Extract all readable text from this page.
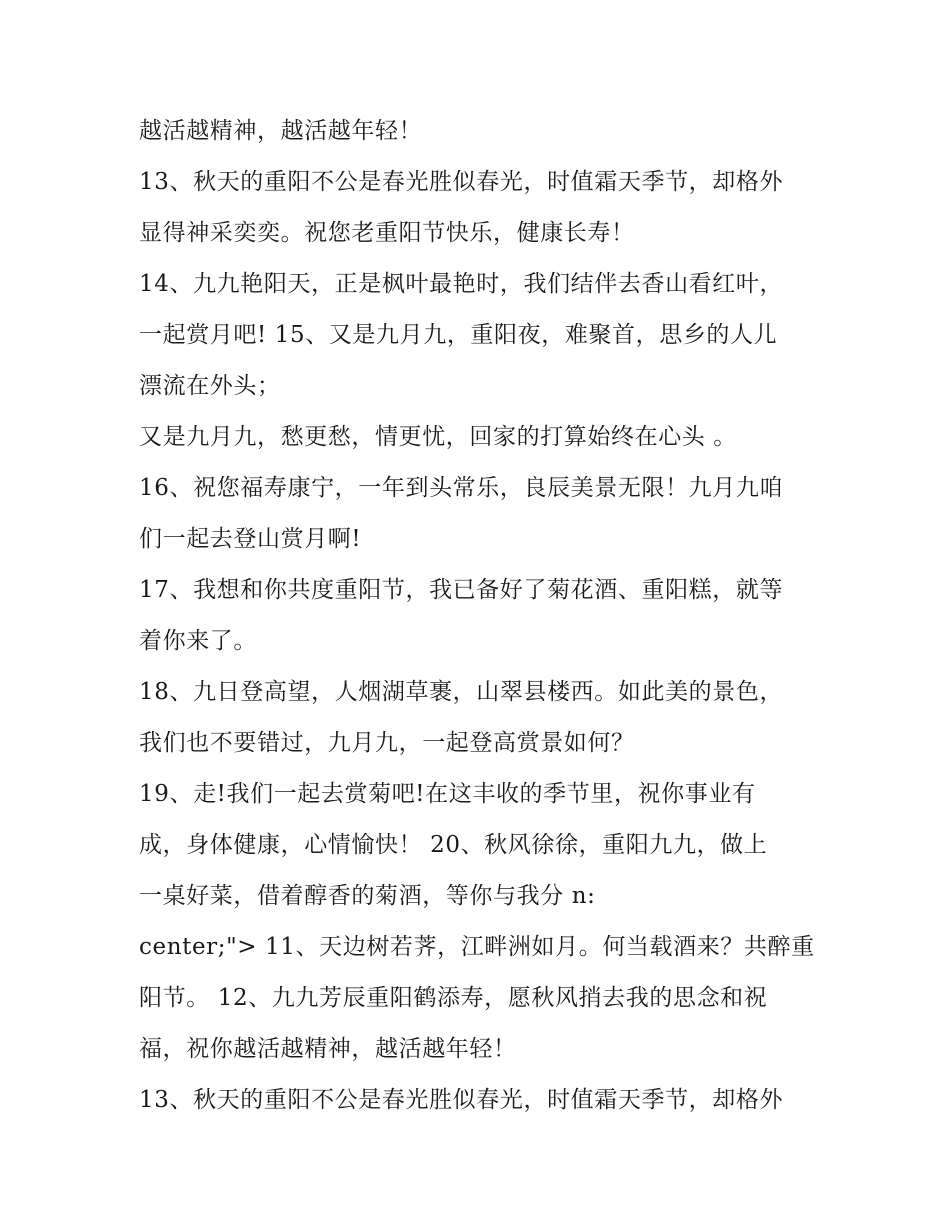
越活越精神，越活越年轻！
13、秋天的重阳不公是春光胜似春光，时值霜天季节，却格外
显得神采奕奕。祝您老重阳节快乐，健康长寿！
14、九九艳阳天，正是枫叶最艳时，我们结伴去香山看红叶，
一起赏月吧! 15、又是九月九，重阳夜，难聚首，思乡的人儿
漂流在外头；
又是九月九，愁更愁，情更忧，回家的打算始终在心头 。
16、祝您福寿康宁，一年到头常乐，良辰美景无限！九月九咱
们一起去登山赏月啊!
17、我想和你共度重阳节，我已备好了菊花酒、重阳糕，就等
着你来了。
18、九日登高望，人烟湖草裹，山翠县楼西。如此美的景色，
我们也不要错过，九月九，一起登高赏景如何？
19、走!我们一起去赏菊吧!在这丰收的季节里，祝你事业有
成，身体健康，心情愉快！ 20、秋风徐徐，重阳九九，做上
一桌好菜，借着醇香的菊酒，等你与我分 n:
center;"> 11、天边树若荠，江畔洲如月。何当载酒来？共醉重
阳节。 12、九九芳辰重阳鹤添寿，愿秋风捎去我的思念和祝
福，祝你越活越精神，越活越年轻！
13、秋天的重阳不公是春光胜似春光，时值霜天季节，却格外
